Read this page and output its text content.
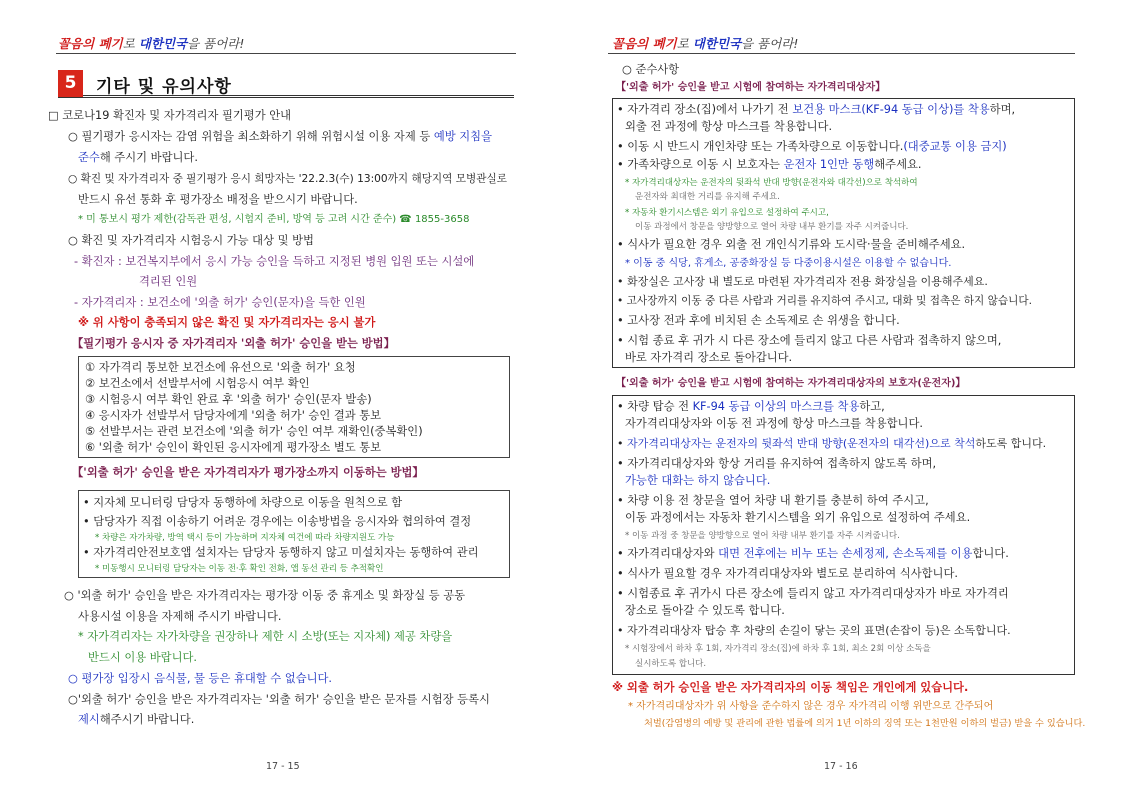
꼴음의 폐기로 대한민국을 품어라!
5	기타 및 유의사항
□ 코로나19 확진자 및 자가격리자 필기평가 안내
○ 필기평가 응시자는 감염 위험을 최소화하기 위해 위험시설 이용 자제 등 예방 지침을
준수해 주시기 바랍니다.
○ 확진 및 자가격리자 중 필기평가 응시 희망자는 '22.2.3(수) 13:00까지 해당지역 모병관실로
반드시 유선 통화 후 평가장소 배정을 받으시기 바랍니다.
* 미 통보시 평가 제한(감독관 편성, 시험지 준비, 방역 등 고려 시간 준수) ☎ 1855-3658
○ 확진 및 자가격리자 시험응시 가능 대상 및 방법
- 확진자 : 보건복지부에서 응시 가능 승인을 득하고 지정된 병원 입원 또는 시설에
격리된 인원
- 자가격리자 : 보건소에 '외출 허가' 승인(문자)을 득한 인원
※ 위 사항이 충족되지 않은 확진 및 자가격리자는 응시 불가
【필기평가 응시자 중 자가격리자 '외출 허가' 승인을 받는 방법】
① 자가격리 통보한 보건소에 유선으로 '외출 허가' 요청
② 보건소에서 선발부서에 시험응시 여부 확인
③ 시험응시 여부 확인 완료 후 '외출 허가' 승인(문자 발송)
④ 응시자가 선발부서 담당자에게 '외출 허가' 승인 결과 통보
⑤ 선발부서는 관련 보건소에 '외출 허가' 승인 여부 재확인(중복확인)
⑥ '외출 허가' 승인이 확인된 응시자에게 평가장소 별도 통보
【'외출 허가' 승인을 받은 자가격리자가 평가장소까지 이동하는 방법】
• 지자체 모니터링 담당자 동행하에 차량으로 이동을 원칙으로 함
• 담당자가 직접 이송하기 어려운 경우에는 이송방법을 응시자와 협의하여 결정
* 차량은 자가차량, 방역 택시 등이 가능하며 지자체 여건에 따라 차량지원도 가능
• 자가격리안전보호앱 설치자는 담당자 동행하지 않고 미설치자는 동행하여 관리
* 미동행시 모니터링 담당자는 이동 전·후 확인 전화, 앱 동선 관리 등 추적확인
○ '외출 허가' 승인을 받은 자가격리자는 평가장 이동 중 휴게소 및 화장실 등 공동
사용시설 이용을 자제해 주시기 바랍니다.
* 자가격리자는 자가차량을 권장하나 제한 시 소방(또는 지자체) 제공 차량을
반드시 이용 바랍니다.
○ 평가장 입장시 음식물, 물 등은 휴대할 수 없습니다.
○'외출 허가' 승인을 받은 자가격리자는 '외출 허가' 승인을 받은 문자를 시험장 등록시
제시해주시기 바랍니다.
17 - 15
꼴음의 폐기로 대한민국을 품어라!
○ 준수사항
【'외출 허가' 승인을 받고 시험에 참여하는 자가격리대상자】
• 자가격리 장소(집)에서 나가기 전 보건용 마스크(KF-94 동급 이상)를 착용하며,
외출 전 과정에 항상 마스크를 착용합니다.
• 이동 시 반드시 개인차량 또는 가족차량으로 이동합니다.(대중교통 이용 금지)
• 가족차량으로 이동 시 보호자는 운전자 1인만 동행해주세요.
* 자가격리대상자는 운전자의 뒷좌석 반대 방향(운전자와 대각선)으로 착석하여
운전자와 최대한 거리를 유지해 주세요.
* 자동차 환기시스템은 외기 유입으로 설정하여 주시고,
이동 과정에서 창문을 양방향으로 열어 차량 내부 환기를 자주 시켜줍니다.
• 식사가 필요한 경우 외출 전 개인식기류와 도시락·물을 준비해주세요.
* 이동 중 식당, 휴게소, 공중화장실 등 다중이용시설은 이용할 수 없습니다.
• 화장실은 고사장 내 별도로 마련된 자가격리자 전용 화장실을 이용해주세요.
• 고사장까지 이동 중 다른 사람과 거리를 유지하여 주시고, 대화 및 접촉은 하지 않습니다.
• 고사장 전과 후에 비치된 손 소독제로 손 위생을 합니다.
• 시험 종료 후 귀가 시 다른 장소에 들리지 않고 다른 사람과 접촉하지 않으며,
바로 자가격리 장소로 돌아갑니다.
【'외출 허가' 승인을 받고 시험에 참여하는 자가격리대상자의 보호자(운전자)】
• 차량 탑승 전 KF-94 동급 이상의 마스크를 착용하고,
자가격리대상자와 이동 전 과정에 항상 마스크를 착용합니다.
• 자가격리대상자는 운전자의 뒷좌석 반대 방향(운전자의 대각선)으로 착석하도록 합니다.
• 자가격리대상자와 항상 거리를 유지하여 접촉하지 않도록 하며,
가능한 대화는 하지 않습니다.
• 차량 이용 전 창문을 열어 차량 내 환기를 충분히 하여 주시고,
이동 과정에서는 자동차 환기시스템을 외기 유입으로 설정하여 주세요.
* 이동 과정 중 창문을 양방향으로 열어 차량 내부 환기를 자주 시켜줍니다.
• 자가격리대상자와 대면 전후에는 비누 또는 손세정제, 손소독제를 이용합니다.
• 식사가 필요할 경우 자가격리대상자와 별도로 분리하여 식사합니다.
• 시험종료 후 귀가시 다른 장소에 들리지 않고 자가격리대상자가 바로 자가격리
장소로 돌아갈 수 있도록 합니다.
• 자가격리대상자 탑승 후 차량의 손길이 닿는 곳의 표면(손잡이 등)은 소독합니다.
* 시험장에서 하차 후 1회, 자가격리 장소(집)에 하차 후 1회, 최소 2회 이상 소독을
실시하도록 합니다.
※ 외출 허가 승인을 받은 자가격리자의 이동 책임은 개인에게 있습니다.
* 자가격리대상자가 위 사항을 준수하지 않은 경우 자가격리 이행 위반으로 간주되어
처벌(감염병의 예방 및 관리에 관한 법률에 의거 1년 이하의 징역 또는 1천만원 이하의 벌금) 받을 수 있습니다.
17 - 16
